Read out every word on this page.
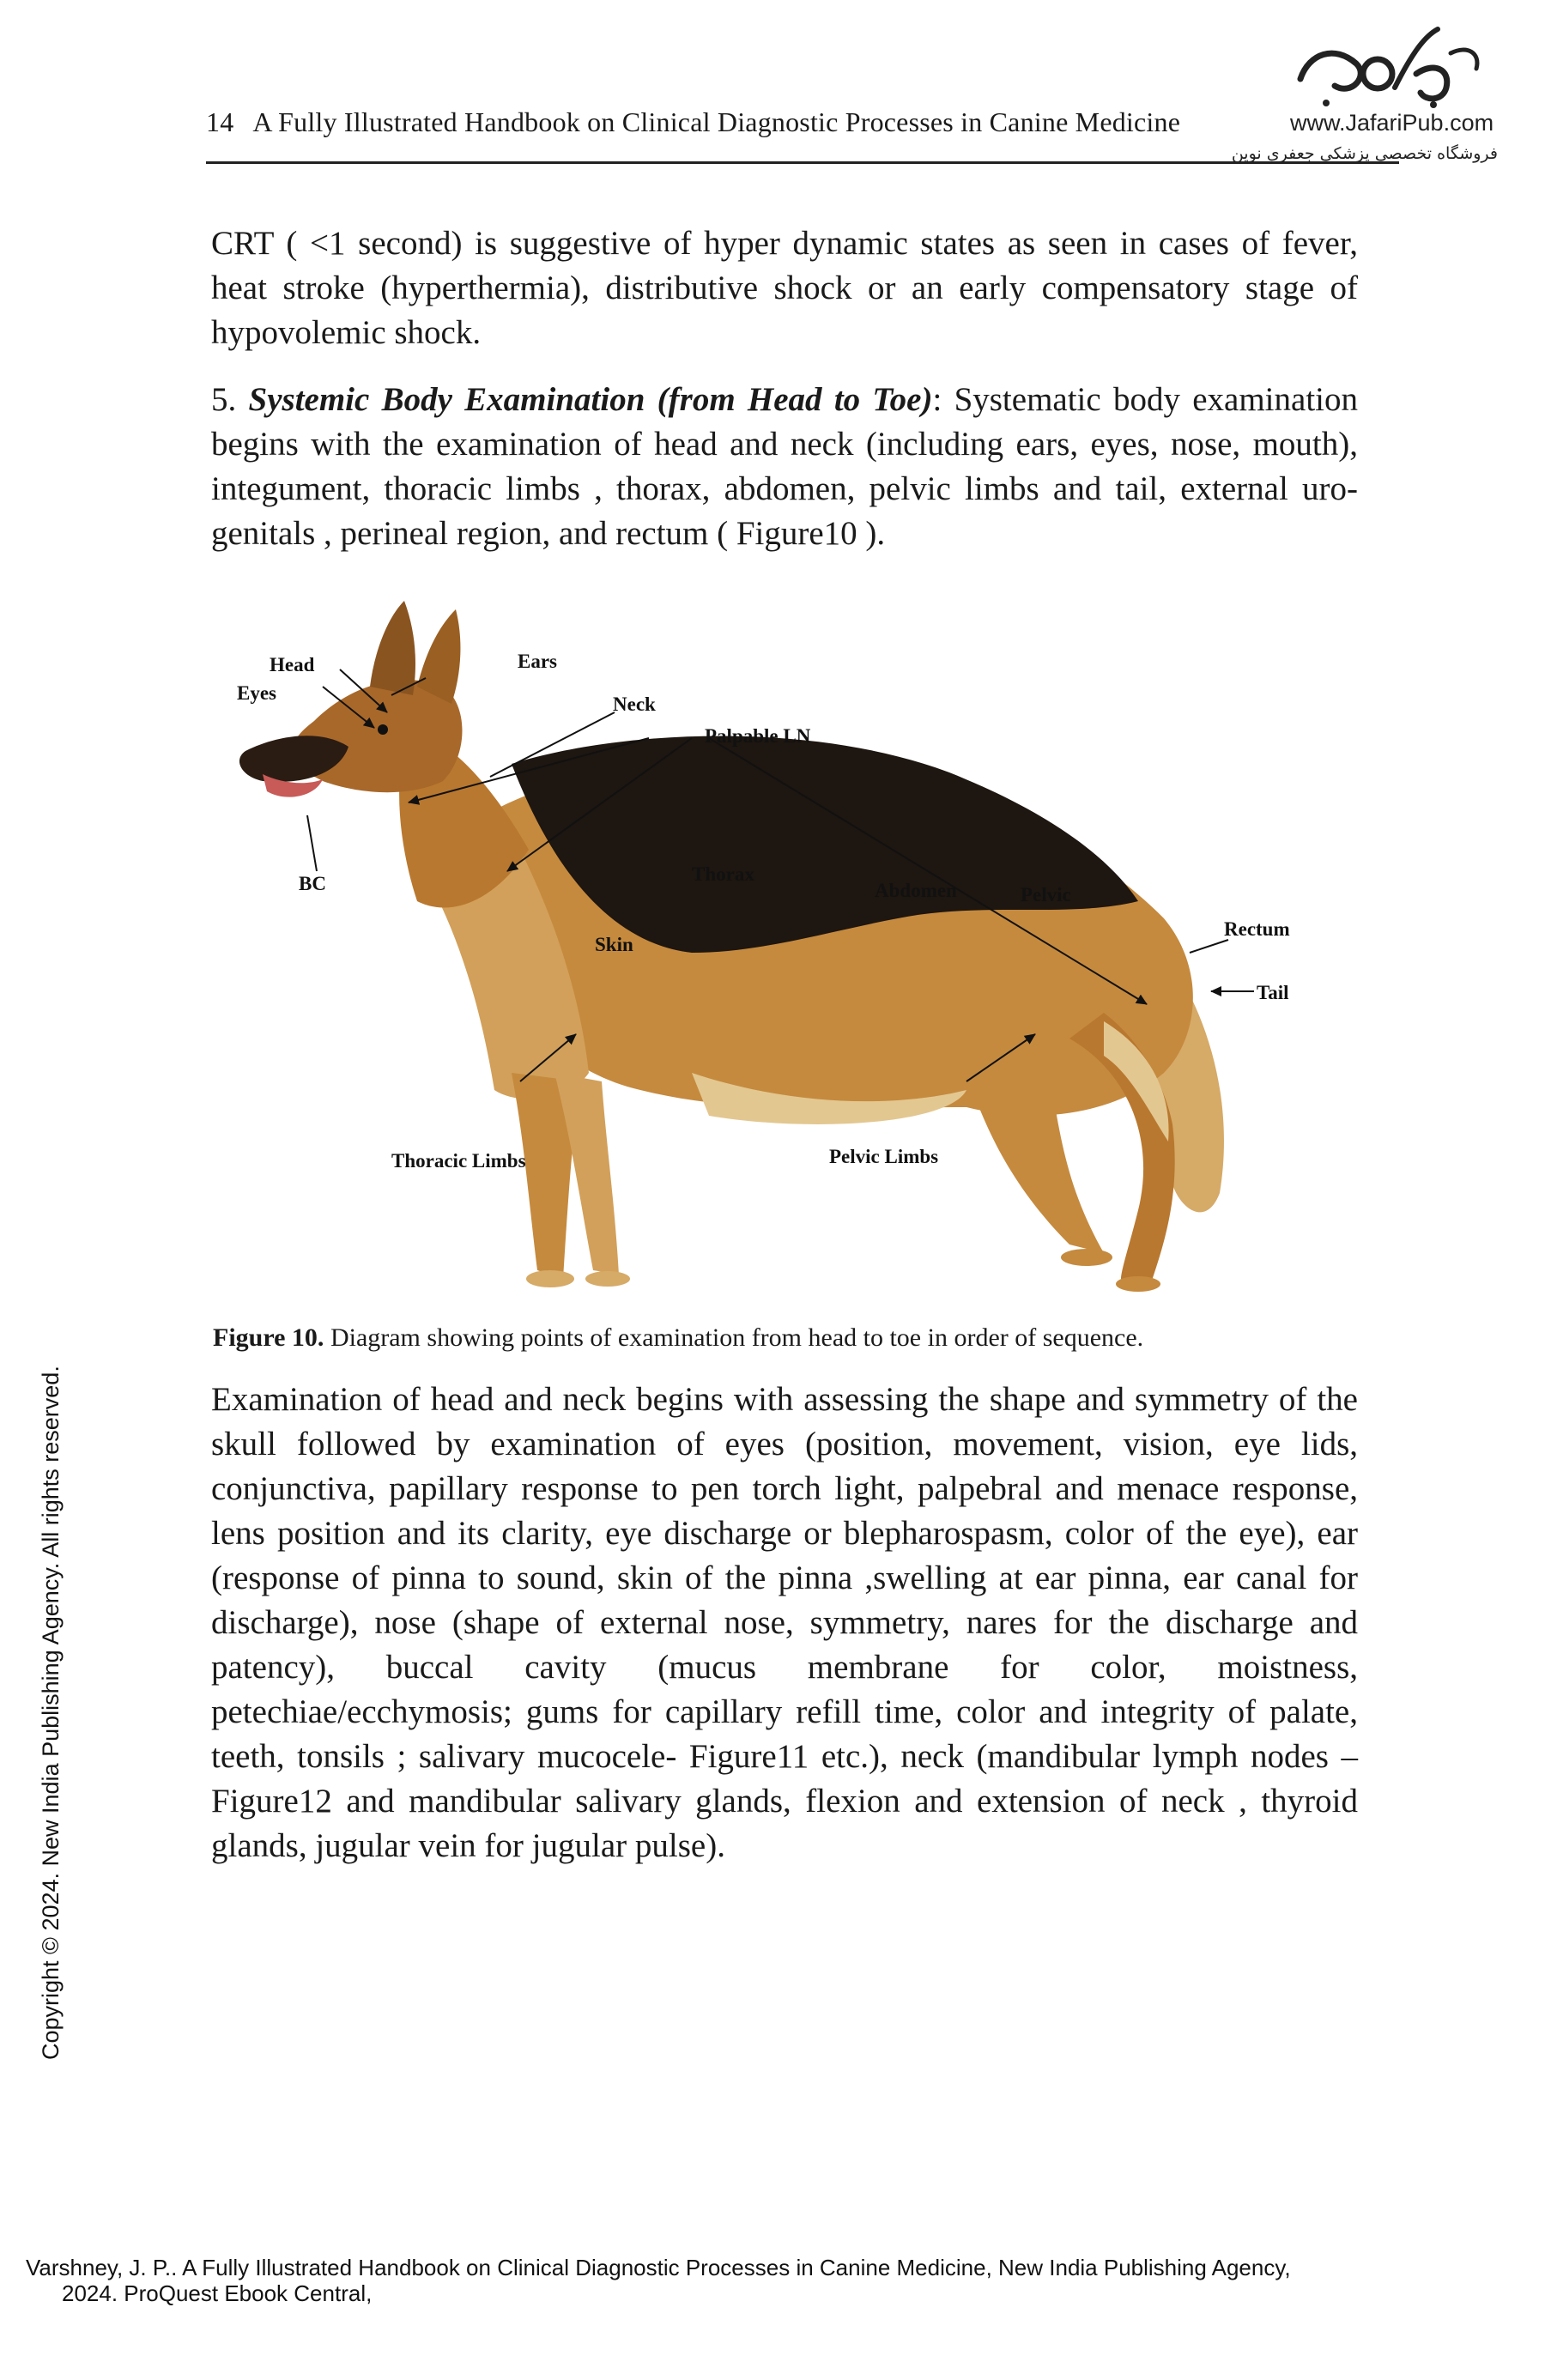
14 A Fully Illustrated Handbook on Clinical Diagnostic Processes in Canine Medicine	www.JafariPub.com
فروشگاه تخصصی پزشکی جعفری نوین
CRT ( <1 second) is suggestive of hyper dynamic states as seen in cases of fever, heat stroke (hyperthermia), distributive shock or an early compensatory stage of hypovolemic shock.
5. Systemic Body Examination (from Head to Toe): Systematic body examination begins with the examination of head and neck (including ears, eyes, nose, mouth), integument, thoracic limbs , thorax, abdomen, pelvic limbs and tail, external uro-genitals , perineal region, and rectum ( Figure10 ).
Head
Eyes
Ears
Neck
Palpable LN
BC	Thorax
Abdomen	Pelvic
Rectum
Tail
Skin
Thoracic Limbs	Pelvic Limbs
Figure 10. Diagram showing points of examination from head to toe in order of sequence.
Examination of head and neck begins with assessing the shape and symmetry of the skull followed by examination of eyes (position, movement, vision, eye lids, conjunctiva, papillary response to pen torch light, palpebral and menace response, lens position and its clarity, eye discharge or blepharospasm, color of the eye), ear (response of pinna to sound, skin of the pinna ,swelling at ear pinna, ear canal for discharge), nose (shape of external nose, symmetry, nares for the discharge and patency), buccal cavity (mucus membrane for color, moistness, petechiae/ecchymosis; gums for capillary refill time, color and integrity of palate, teeth, tonsils ; salivary mucocele- Figure11 etc.), neck (mandibular lymph nodes –Figure12 and mandibular salivary glands, flexion and extension of neck , thyroid glands, jugular vein for jugular pulse).
Copyright © 2024. New India Publishing Agency. All rights reserved.
Varshney, J. P.. A Fully Illustrated Handbook on Clinical Diagnostic Processes in Canine Medicine, New India Publishing Agency,
2024. ProQuest Ebook Central,
